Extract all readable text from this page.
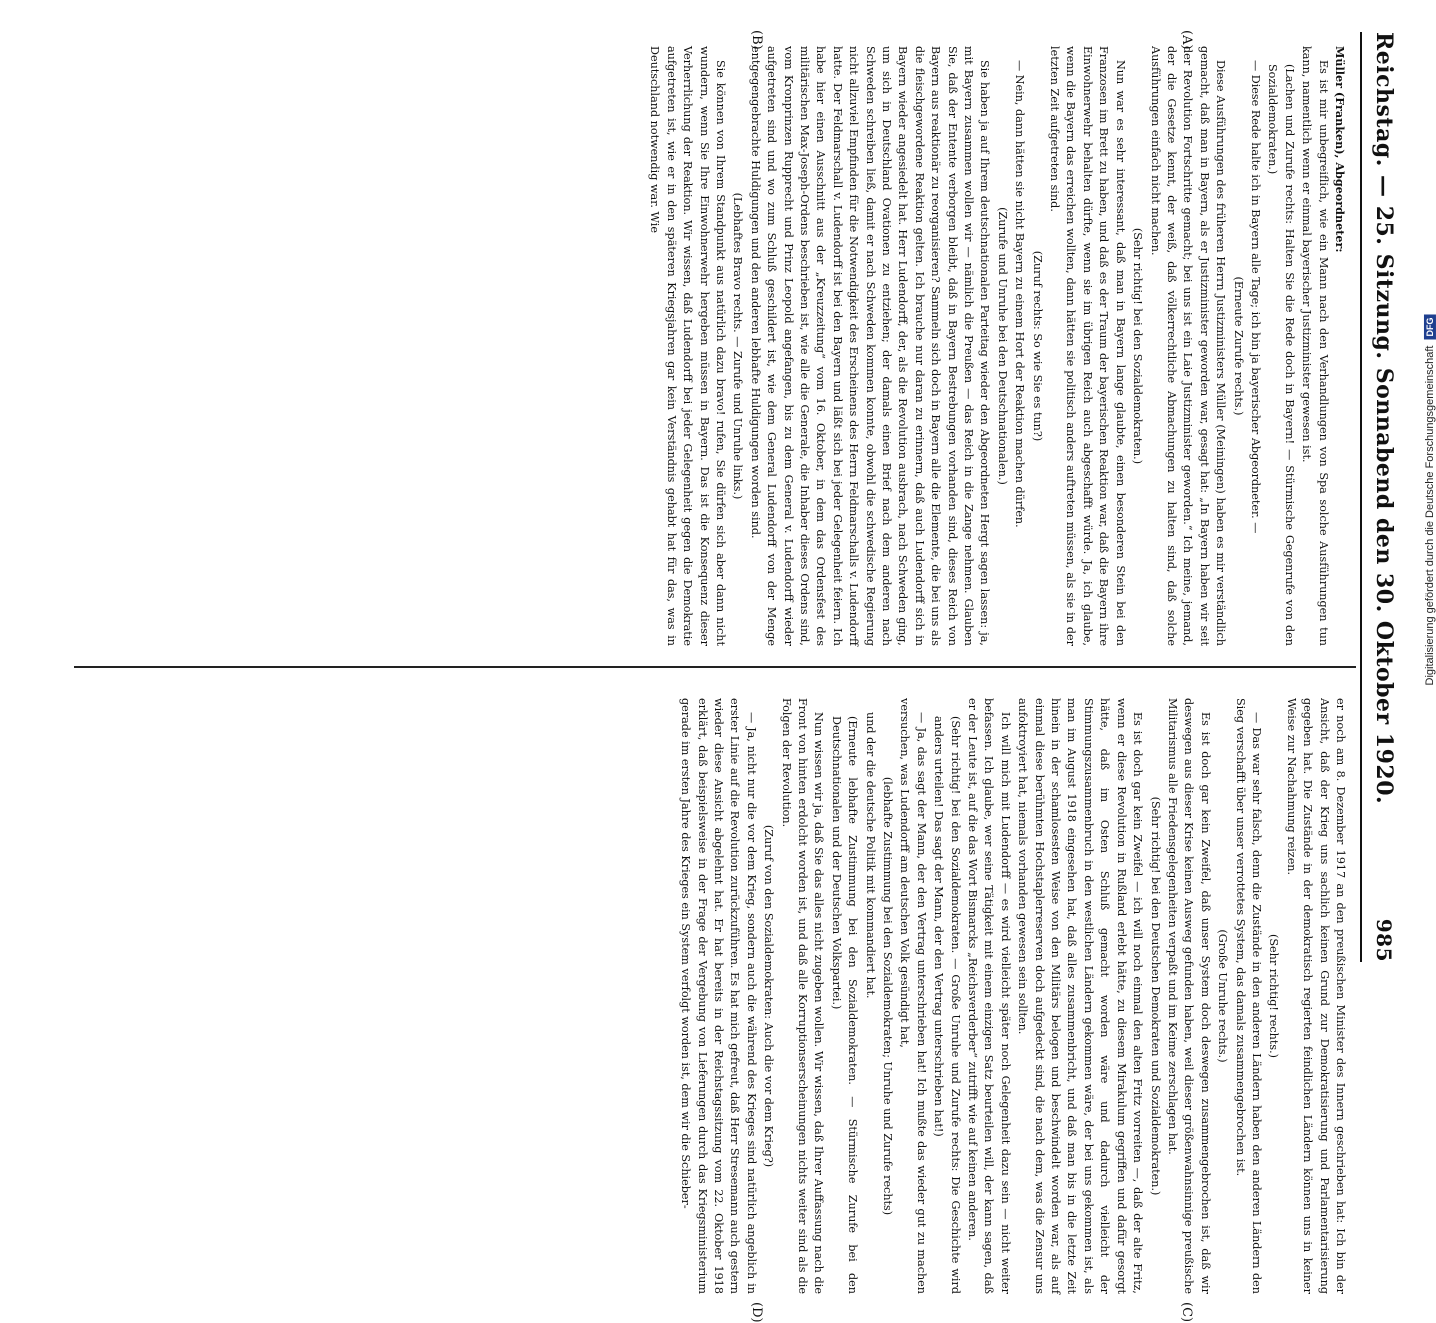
Reichstag. — 25. Sitzung. Sonnabend den 30. Oktober 1920.
985
(A)
(B)
(C)
(D)

Müller (Franken), Abgeordneter:

Es ist mir unbegreiflich, wie ein Mann nach den Verhandlungen von Spa solche Ausführungen tun kann, namentlich wenn er einmal bayerischer Justizminister gewesen ist.

(Lachen und Zurufe rechts: Halten Sie die Rede doch in Bayern! — Stürmische Gegenrufe von den Sozialdemokraten.)

— Diese Rede halte ich in Bayern alle Tage; ich bin ja bayerischer Abgeordneter. —

(Erneute Zurufe rechts.)

Diese Ausführungen des früheren Herrn Justizministers Müller (Meiningen) haben es mir verständlich gemacht, daß man in Bayern, als er Justizminister geworden war, gesagt hat: „In Bayern haben wir seit der Revolution Fortschritte gemacht; bei uns ist ein Laie Justizminister geworden.“ Ich meine, jemand, der die Gesetze kennt, der weiß, daß völkerrechtliche Abmachungen zu halten sind, daß solche Ausführungen einfach nicht machen.

(Sehr richtig! bei den Sozialdemokraten.)

Nun war es sehr interessant, daß man in Bayern lange glaubte, einen besonderen Stein bei den Franzosen im Brett zu haben, und daß es der Traum der bayerischen Reaktion war, daß die Bayern ihre Einwohnerwehr behalten dürfte, wenn sie im übrigen Reich auch abgeschafft würde. Ja, ich glaube, wenn die Bayern das erreichen wollten, dann hätten sie politisch anders auftreten müssen, als sie in der letzten Zeit aufgetreten sind.

(Zuruf rechts: So wie Sie es tun?)

— Nein, dann hätten sie nicht Bayern zu einem Hort der Reaktion machen dürfen.

(Zurufe und Unruhe bei den Deutschnationalen.)

Sie haben ja auf Ihrem deutschnationalen Parteitag wieder den Abgeordneten Hergt sagen lassen: ja, mit Bayern zusammen wollen wir — nämlich die Preußen — das Reich in die Zange nehmen. Glauben Sie, daß der Entente verborgen bleibt, daß in Bayern Bestrebungen vorhanden sind, dieses Reich von Bayern aus reaktionär zu reorganisieren? Sammeln sich doch in Bayern alle die Elemente, die bei uns als die fleischgewordene Reaktion gelten. Ich brauche nur daran zu erinnern, daß auch Ludendorff sich in Bayern wieder angesiedelt hat. Herr Ludendorff, der, als die Revolution ausbrach, nach Schweden ging, um sich in Deutschland Ovationen zu entziehen; der damals einen Brief nach dem anderen nach Schweden schreiben ließ, damit er nach Schweden kommen konnte, obwohl die schwedische Regierung nicht allzuviel Empfinden für die Notwendigkeit des Erscheinens des Herrn Feldmarschalls v. Ludendorff hatte. Der Feldmarschall v. Ludendorff ist bei den Bayern und läßt sich bei jeder Gelegenheit feiern. Ich habe hier einen Ausschnitt aus der „Kreuzzeitung“ vom 16. Oktober, in dem das Ordensfest des militärischen Max-Joseph-Ordens beschrieben ist, wie alle die Generale, die Inhaber dieses Ordens sind, vom Kronprinzen Rupprecht und Prinz Leopold angefangen, bis zu dem General v. Ludendorff wieder aufgetreten sind und wo zum Schluß geschildert ist, wie dem General Ludendorff von der Menge entgegengebrachte Huldigungen und den anderen lebhafte Huldigungen worden sind.

(Lebhaftes Bravo rechts. — Zurufe und Unruhe links.)

Sie können von Ihrem Standpunkt aus natürlich dazu bravo! rufen, Sie dürfen sich aber dann nicht wundern, wenn Sie Ihre Einwohnerwehr hergeben müssen in Bayern. Das ist die Konsequenz dieser Verherrlichung der Reaktion. Wir wissen, daß Ludendorff bei jeder Gelegenheit gegen die Demokratie aufgetreten ist, wie er in den späteren Kriegsjahren gar kein Verständnis gehabt hat für das, was in Deutschland notwendig war. Wie

er noch am 8. Dezember 1917 an den preußischen Minister des Innern geschrieben hat: Ich bin der Ansicht, daß der Krieg uns sachlich keinen Grund zur Demokratisierung und Parlamentarisierung gegeben hat. Die Zustände in der demokratisch regierten feindlichen Ländern können uns in keiner Weise zur Nachahmung reizen.

(Sehr richtig! rechts.)

— Das war sehr falsch, denn die Zustände in den anderen Ländern haben den anderen Ländern den Sieg verschafft über unser verrottetes System, das damals zusammengebrochen ist.

(Große Unruhe rechts.)

Es ist doch gar kein Zweifel, daß unser System doch deswegen zusammengebrochen ist, daß wir deswegen aus dieser Krise keinen Ausweg gefunden haben, weil dieser größenwahnsinnige preußische Militarismus alle Friedensgelegenheiten verpaßt und im Keime zerschlagen hat.

(Sehr richtig! bei den Deutschen Demokraten und Sozialdemokraten.)

Es ist doch gar kein Zweifel — ich will noch einmal den alten Fritz vorreiten —, daß der alte Fritz, wenn er diese Revolution in Rußland erlebt hätte, zu diesem Mirakulum gegriffen und dafür gesorgt hätte, daß im Osten Schluß gemacht worden wäre und dadurch vielleicht der Stimmungszusammenbruch in den westlichen Ländern gekommen wäre, der bei uns gekommen ist, als man im August 1918 eingesehen hat, daß alles zusammenbricht, und daß man bis in die letzte Zeit hinein in der schamlosesten Weise von den Militärs belogen und beschwindelt worden war, als auf einmal diese berühmten Hochstaplerreserven doch aufgedeckt sind, die nach dem, was die Zensur uns aufoktroyiert hat, niemals vorhanden gewesen sein sollten.

Ich will mich mit Ludendorff — es wird vielleicht später noch Gelegenheit dazu sein — nicht weiter befassen. Ich glaube, wer seine Tätigkeit mit einem einzigen Satz beurteilen will, der kann sagen, daß er der Leute ist, auf die das Wort Bismarcks „Reichsverderber“ zutrifft wie auf keinen anderen.

(Sehr richtig! bei den Sozialdemokraten. — Große Unruhe und Zurufe rechts: Die Geschichte wird anders urteilen! Das sagt der Mann, der den Vertrag unterschrieben hat!)

— Ja, das sagt der Mann, der den Vertrag unterschrieben hat! Ich mußte das wieder gut zu machen versuchen, was Ludendorff am deutschen Volk gesündigt hat,

(lebhafte Zustimmung bei den Sozialdemokraten; Unruhe und Zurufe rechts)

und der die deutsche Politik mit kommandiert hat.

(Erneute lebhafte Zustimmung bei den Sozialdemokraten. — Stürmische Zurufe bei den Deutschnationalen und der Deutschen Volkspartei.)

Nun wissen wir ja, daß Sie das alles nicht zugeben wollen. Wir wissen, daß Ihrer Auffassung nach die Front von hinten erdolcht worden ist, und daß alle Korruptionserscheinungen nichts weiter sind als die Folgen der Revolution.

(Zuruf von den Sozialdemokraten: Auch die vor dem Krieg?)

— Ja, nicht nur die vor dem Krieg, sondern auch die während des Krieges sind natürlich angeblich in erster Linie auf die Revolution zurückzuführen. Es hat mich gefreut, daß Herr Stresemann auch gestern wieder diese Ansicht abgelehnt hat. Er hat bereits in der Reichstagssitzung vom 22. Oktober 1918 erklärt, daß beispielsweise in der Frage der Vergebung von Lieferungen durch das Kriegsministerium gerade im ersten Jahre des Krieges ein System verfolgt worden ist, dem wir die Schieber-

Digitalisierung gefördert durch die Deutsche Forschungsgemeinschaft
DFG
